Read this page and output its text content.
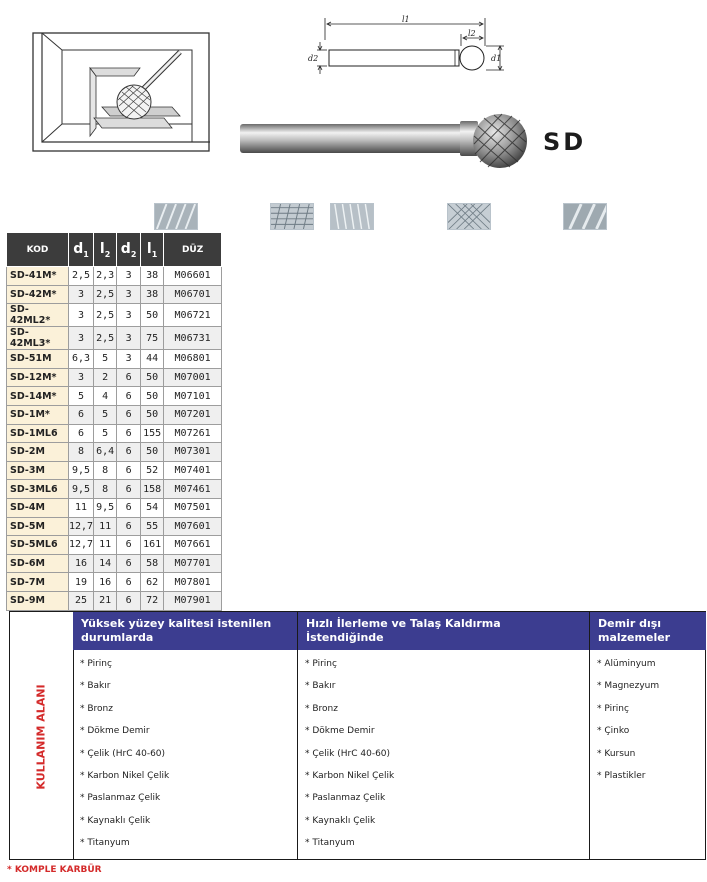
l1
l2
d2	d1
SD
KOD	$d_1$	$l_2$	$d_2$	$l_1$	DÜZ
SD-41M*	2,5	2,3	3	38	M06601
SD-42M*	3	2,5	3	38	M06701
SD-42ML2*	3	2,5	3	50	M06721
SD-42ML3*	3	2,5	3	75	M06731
SD-51M	6,3	5	3	44	M06801
SD-12M*	3	2	6	50	M07001
SD-14M*	5	4	6	50	M07101
SD-1M*	6	5	6	50	M07201
SD-1ML6	6	5	6	155	M07261
SD-2M	8	6,4	6	50	M07301
SD-3M	9,5	8	6	52	M07401
SD-3ML6	9,5	8	6	158	M07461
SD-4M	11	9,5	6	54	M07501
SD-5M	12,7	11	6	55	M07601
SD-5ML6	12,7	11	6	161	M07661
SD-6M	16	14	6	58	M07701
SD-7M	19	16	6	62	M07801
SD-9M	25	21	6	72	M07901

KULLANIM ALANI

Yüksek yüzey kalitesi istenilen durumlarda
* Pirinç
* Bakır
* Bronz
* Dökme Demir
* Çelik (HrC 40-60)
* Karbon Nikel Çelik
* Paslanmaz Çelik
* Kaynaklı Çelik
* Titanyum
Hızlı İlerleme ve Talaş Kaldırma İstendiğinde
* Pirinç
* Bakır
* Bronz
* Dökme Demir
* Çelik (HrC 40-60)
* Karbon Nikel Çelik
* Paslanmaz Çelik
* Kaynaklı Çelik
* Titanyum
Demir dışı malzemeler
* Alüminyum
* Magnezyum
* Pirinç
* Çinko
* Kursun
* Plastikler

* KOMPLE KARBÜR
